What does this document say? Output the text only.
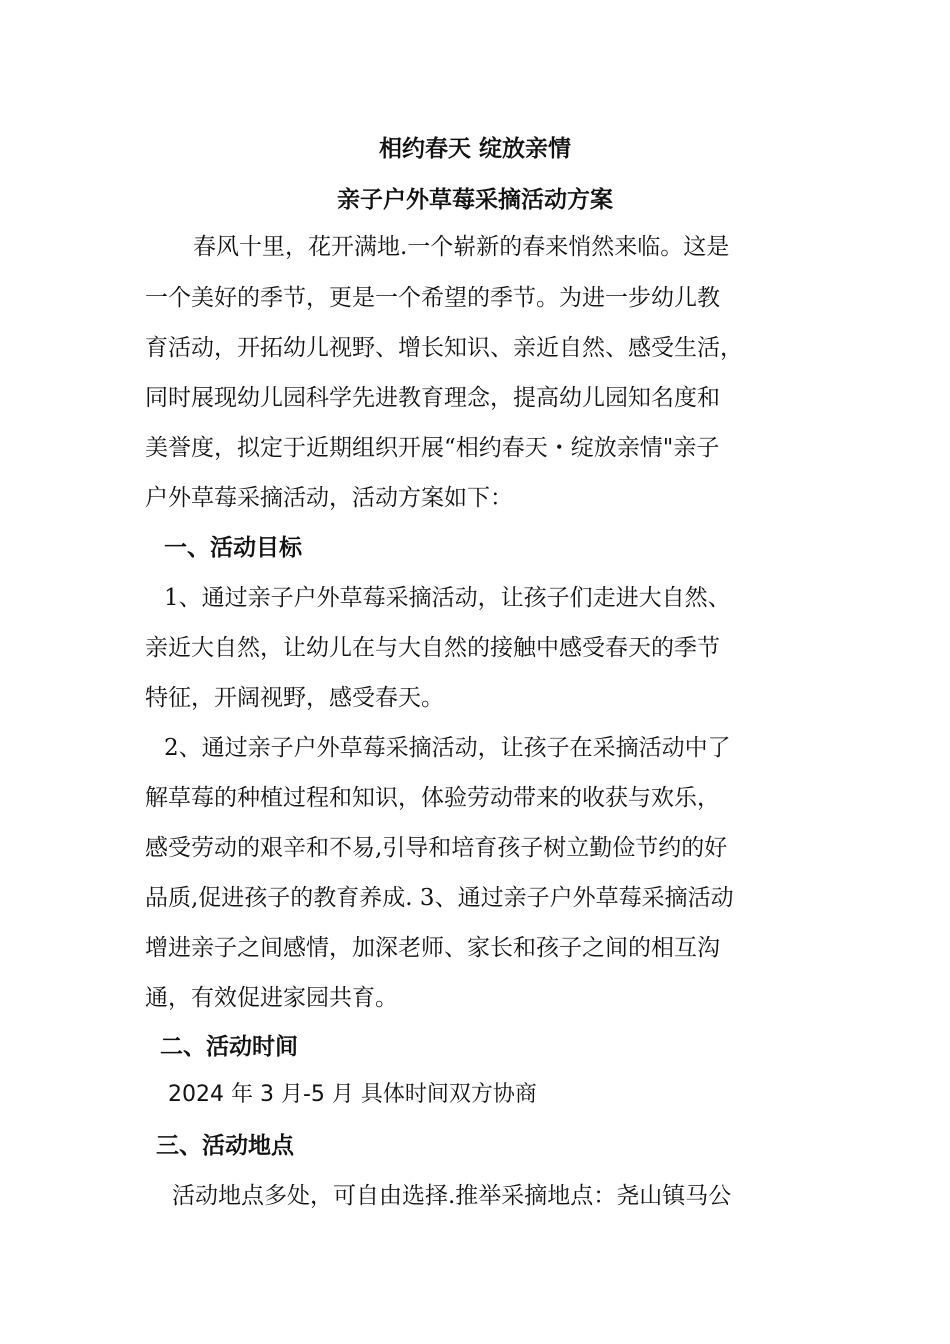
相约春天 绽放亲情
亲子户外草莓采摘活动方案

春风十里，花开满地.一个崭新的春来悄然来临。这是

一个美好的季节，更是一个希望的季节。为进一步幼儿教

育活动，开拓幼儿视野、增长知识、亲近自然、感受生活，

同时展现幼儿园科学先进教育理念，提高幼儿园知名度和

美誉度，拟定于近期组织开展“相约春天・绽放亲情"亲子

户外草莓采摘活动，活动方案如下：

一、活动目标

1、通过亲子户外草莓采摘活动，让孩子们走进大自然、

亲近大自然，让幼儿在与大自然的接触中感受春天的季节

特征，开阔视野，感受春天。

2、通过亲子户外草莓采摘活动，让孩子在采摘活动中了

解草莓的种植过程和知识，体验劳动带来的收获与欢乐，

感受劳动的艰辛和不易,引导和培育孩子树立勤俭节约的好

品质,促进孩子的教育养成. 3、通过亲子户外草莓采摘活动

增进亲子之间感情，加深老师、家长和孩子之间的相互沟

通，有效促进家园共育。

二、活动时间

2024 年 3 月-5 月 具体时间双方协商

三、活动地点

活动地点多处，可自由选择.推举采摘地点：尧山镇马公
